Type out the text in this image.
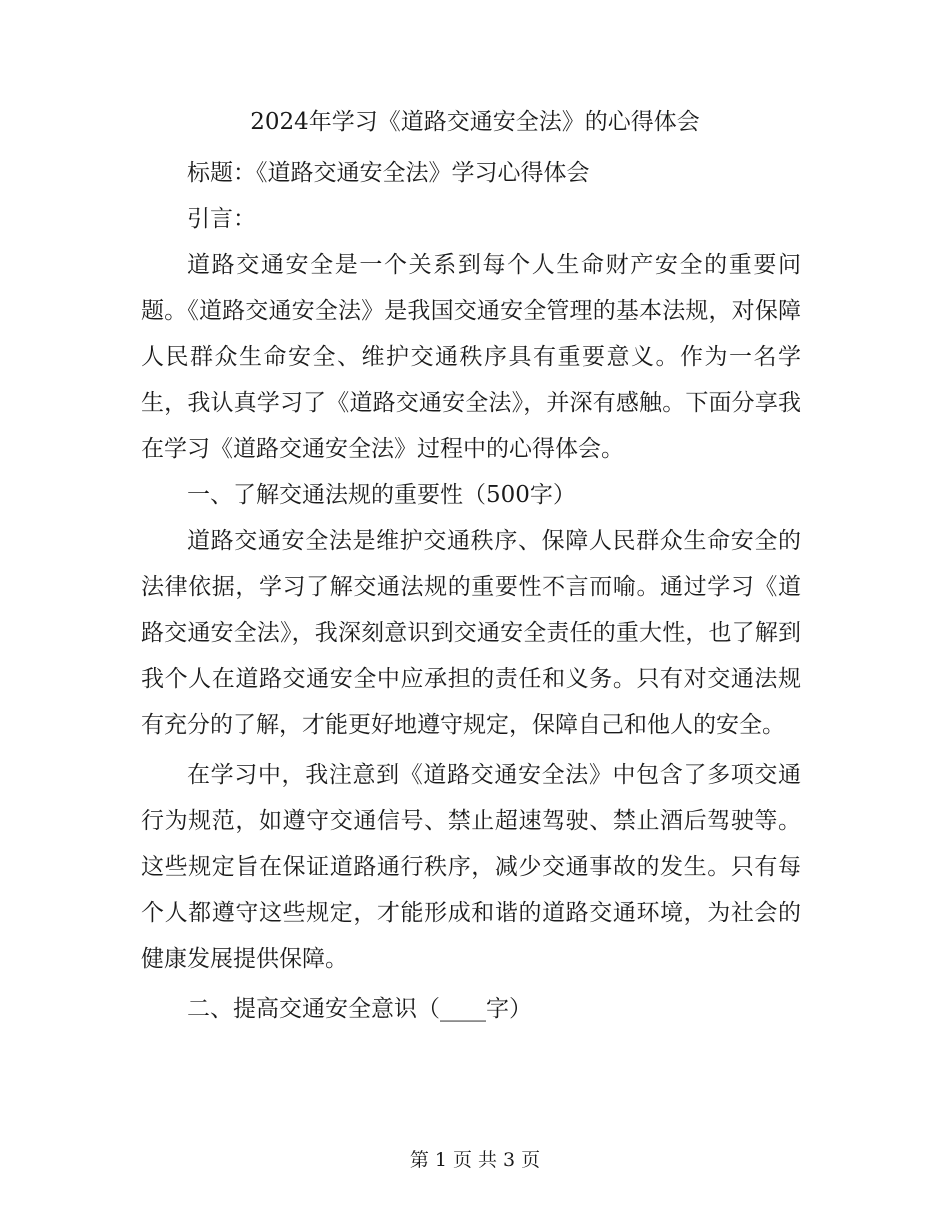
2024年学习《道路交通安全法》的心得体会

标题：《道路交通安全法》学习心得体会

引言：

道路交通安全是一个关系到每个人生命财产安全的重要问题。《道路交通安全法》是我国交通安全管理的基本法规，对保障人民群众生命安全、维护交通秩序具有重要意义。作为一名学生，我认真学习了《道路交通安全法》，并深有感触。下面分享我在学习《道路交通安全法》过程中的心得体会。

一、了解交通法规的重要性（500字）

道路交通安全法是维护交通秩序、保障人民群众生命安全的法律依据，学习了解交通法规的重要性不言而喻。通过学习《道路交通安全法》，我深刻意识到交通安全责任的重大性，也了解到我个人在道路交通安全中应承担的责任和义务。只有对交通法规有充分的了解，才能更好地遵守规定，保障自己和他人的安全。

在学习中，我注意到《道路交通安全法》中包含了多项交通行为规范，如遵守交通信号、禁止超速驾驶、禁止酒后驾驶等。这些规定旨在保证道路通行秩序，减少交通事故的发生。只有每个人都遵守这些规定，才能形成和谐的道路交通环境，为社会的健康发展提供保障。

二、提高交通安全意识（____字）

第 1 页 共 3 页
